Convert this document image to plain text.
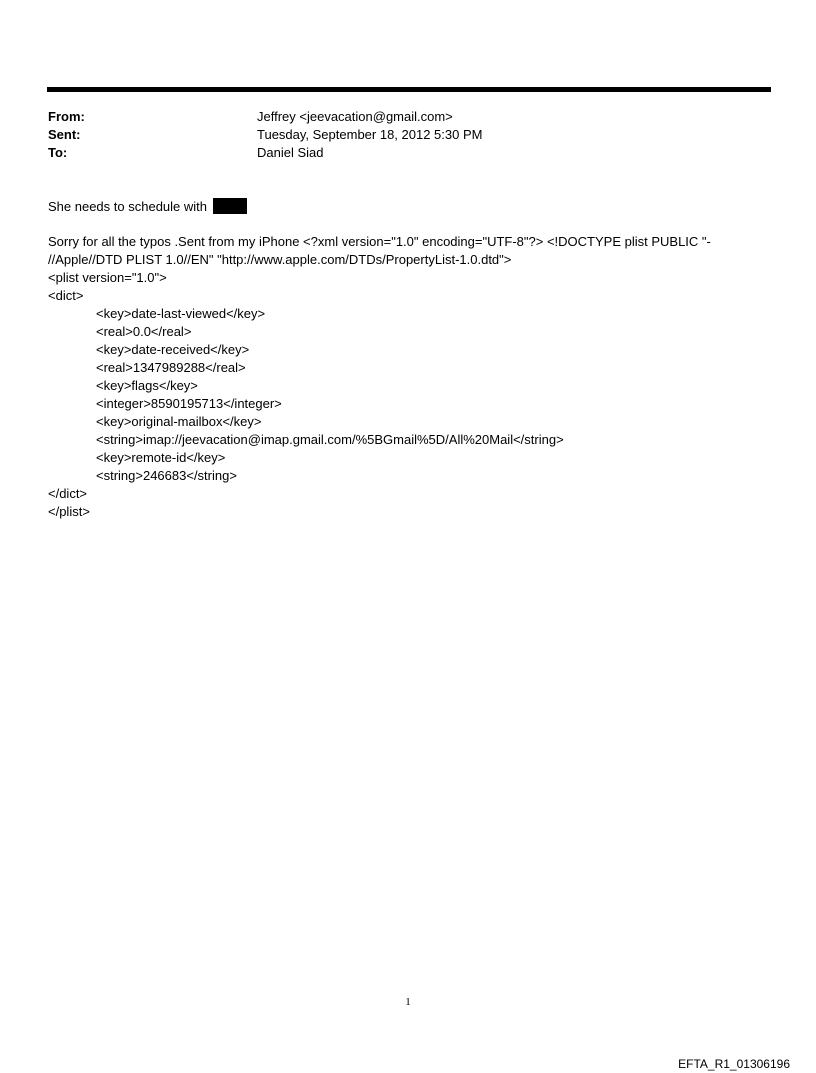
From:	Jeffrey <jeevacation@gmail.com>
Sent:	Tuesday, September 18, 2012 5:30 PM
To:	Daniel Siad
She needs to schedule with
Sorry for all the typos .Sent from my iPhone <?xml version="1.0" encoding="UTF-8"?> <!DOCTYPE plist PUBLIC "-
//Apple//DTD PLIST 1.0//EN" "http://www.apple.com/DTDs/PropertyList-1.0.dtd">
<plist version="1.0">
<dict>
<key>date-last-viewed</key>
<real>0.0</real>
<key>date-received</key>
<real>1347989288</real>
<key>flags</key>
<integer>8590195713</integer>
<key>original-mailbox</key>
<string>imap://jeevacation@imap.gmail.com/%5BGmail%5D/All%20Mail</string>
<key>remote-id</key>
<string>246683</string>
</dict>
</plist>
1
EFTA_R1_01306196
